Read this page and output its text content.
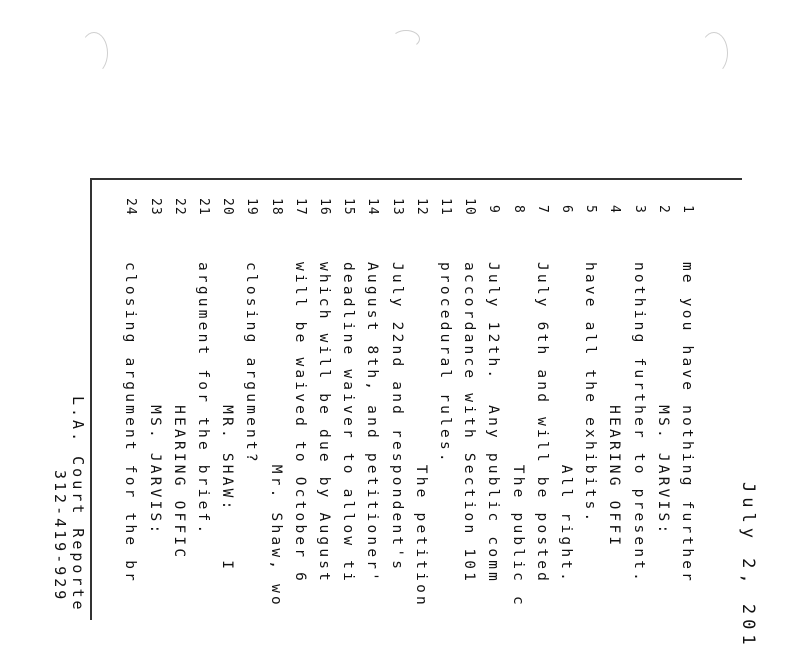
July 2, 201
1
me you have nothing further
2
MS. JARVIS:
3
nothing further to present.
4
HEARING OFFI
5
have all the exhibits.
6
All right.
7
July 6th and will be posted
8
The public c
9
July 12th.  Any public comm
10
accordance with Section 101
11
procedural rules.
12
The petition
13
July 22nd and respondent's
14
August 8th, and petitioner'
15
deadline waiver to allow ti
16
which will be due by August
17
will be waived to October 6
18
Mr. Shaw, wo
19
closing argument?
20
MR. SHAW:    I
21
argument for the brief.
22
HEARING OFFIC
23
MS. JARVIS:
24
closing argument for the br
L.A. Court Reporte
312-419-929
